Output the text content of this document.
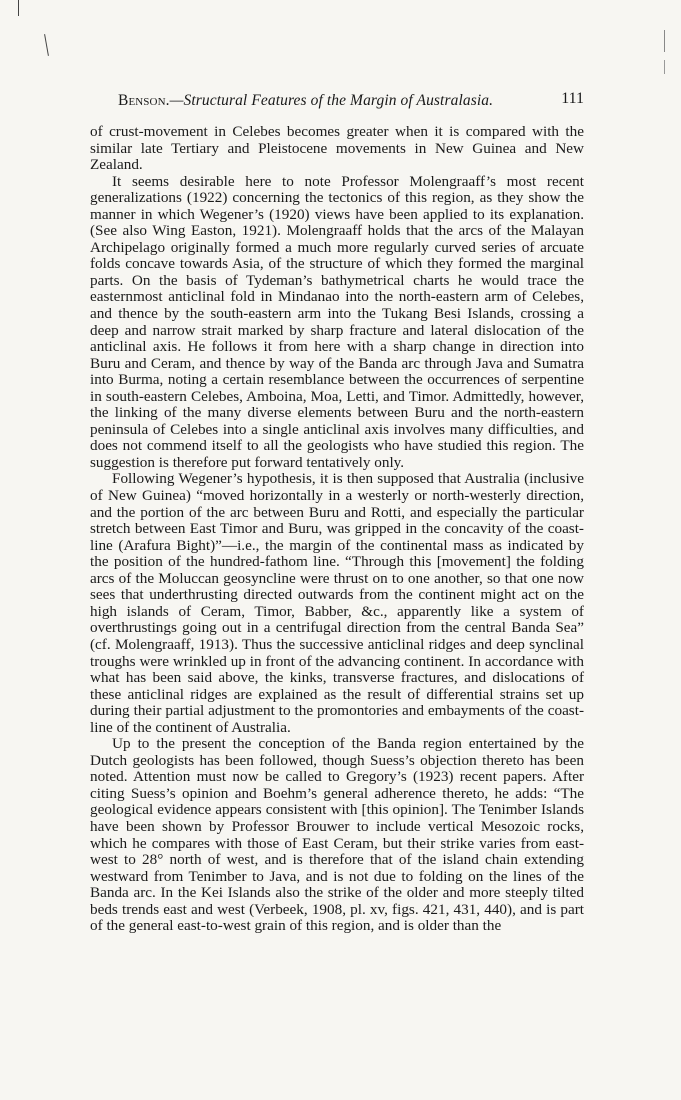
Benson.—Structural Features of the Margin of Australasia.	111

of crust-movement in Celebes becomes greater when it is compared with the similar late Tertiary and Pleistocene movements in New Guinea and New Zealand.

It seems desirable here to note Professor Molengraaff’s most recent generalizations (1922) concerning the tectonics of this region, as they show the manner in which Wegener’s (1920) views have been applied to its explanation. (See also Wing Easton, 1921). Molengraaff holds that the arcs of the Malayan Archipelago originally formed a much more regularly curved series of arcuate folds concave towards Asia, of the structure of which they formed the marginal parts. On the basis of Tydeman’s bathymetrical charts he would trace the easternmost anticlinal fold in Mindanao into the north-eastern arm of Celebes, and thence by the south-eastern arm into the Tukang Besi Islands, crossing a deep and narrow strait marked by sharp fracture and lateral dislocation of the anticlinal axis. He follows it from here with a sharp change in direction into Buru and Ceram, and thence by way of the Banda arc through Java and Sumatra into Burma, noting a certain resemblance between the occurrences of serpentine in south-eastern Celebes, Amboina, Moa, Letti, and Timor. Admittedly, however, the linking of the many diverse elements between Buru and the north-eastern peninsula of Celebes into a single anticlinal axis involves many difficulties, and does not commend itself to all the geologists who have studied this region. The suggestion is therefore put forward tentatively only.

Following Wegener’s hypothesis, it is then supposed that Australia (inclusive of New Guinea) “moved horizontally in a westerly or north-westerly direction, and the portion of the arc between Buru and Rotti, and especially the particular stretch between East Timor and Buru, was gripped in the concavity of the coast-line (Arafura Bight)”—i.e., the margin of the continental mass as indicated by the position of the hundred-fathom line. “Through this [movement] the folding arcs of the Moluccan geosyncline were thrust on to one another, so that one now sees that underthrusting directed outwards from the continent might act on the high islands of Ceram, Timor, Babber, &c., apparently like a system of overthrustings going out in a centrifugal direction from the central Banda Sea” (cf. Molengraaff, 1913). Thus the successive anticlinal ridges and deep synclinal troughs were wrinkled up in front of the advancing continent. In accordance with what has been said above, the kinks, transverse fractures, and dislocations of these anticlinal ridges are explained as the result of differential strains set up during their partial adjustment to the promontories and embayments of the coast-line of the continent of Australia.

Up to the present the conception of the Banda region entertained by the Dutch geologists has been followed, though Suess’s objection thereto has been noted. Attention must now be called to Gregory’s (1923) recent papers. After citing Suess’s opinion and Boehm’s general adherence thereto, he adds: “The geological evidence appears consistent with [this opinion]. The Tenimber Islands have been shown by Professor Brouwer to include vertical Mesozoic rocks, which he compares with those of East Ceram, but their strike varies from east-west to 28° north of west, and is therefore that of the island chain extending westward from Tenimber to Java, and is not due to folding on the lines of the Banda arc. In the Kei Islands also the strike of the older and more steeply tilted beds trends east and west (Verbeek, 1908, pl. xv, figs. 421, 431, 440), and is part of the general east-to-west grain of this region, and is older than the
